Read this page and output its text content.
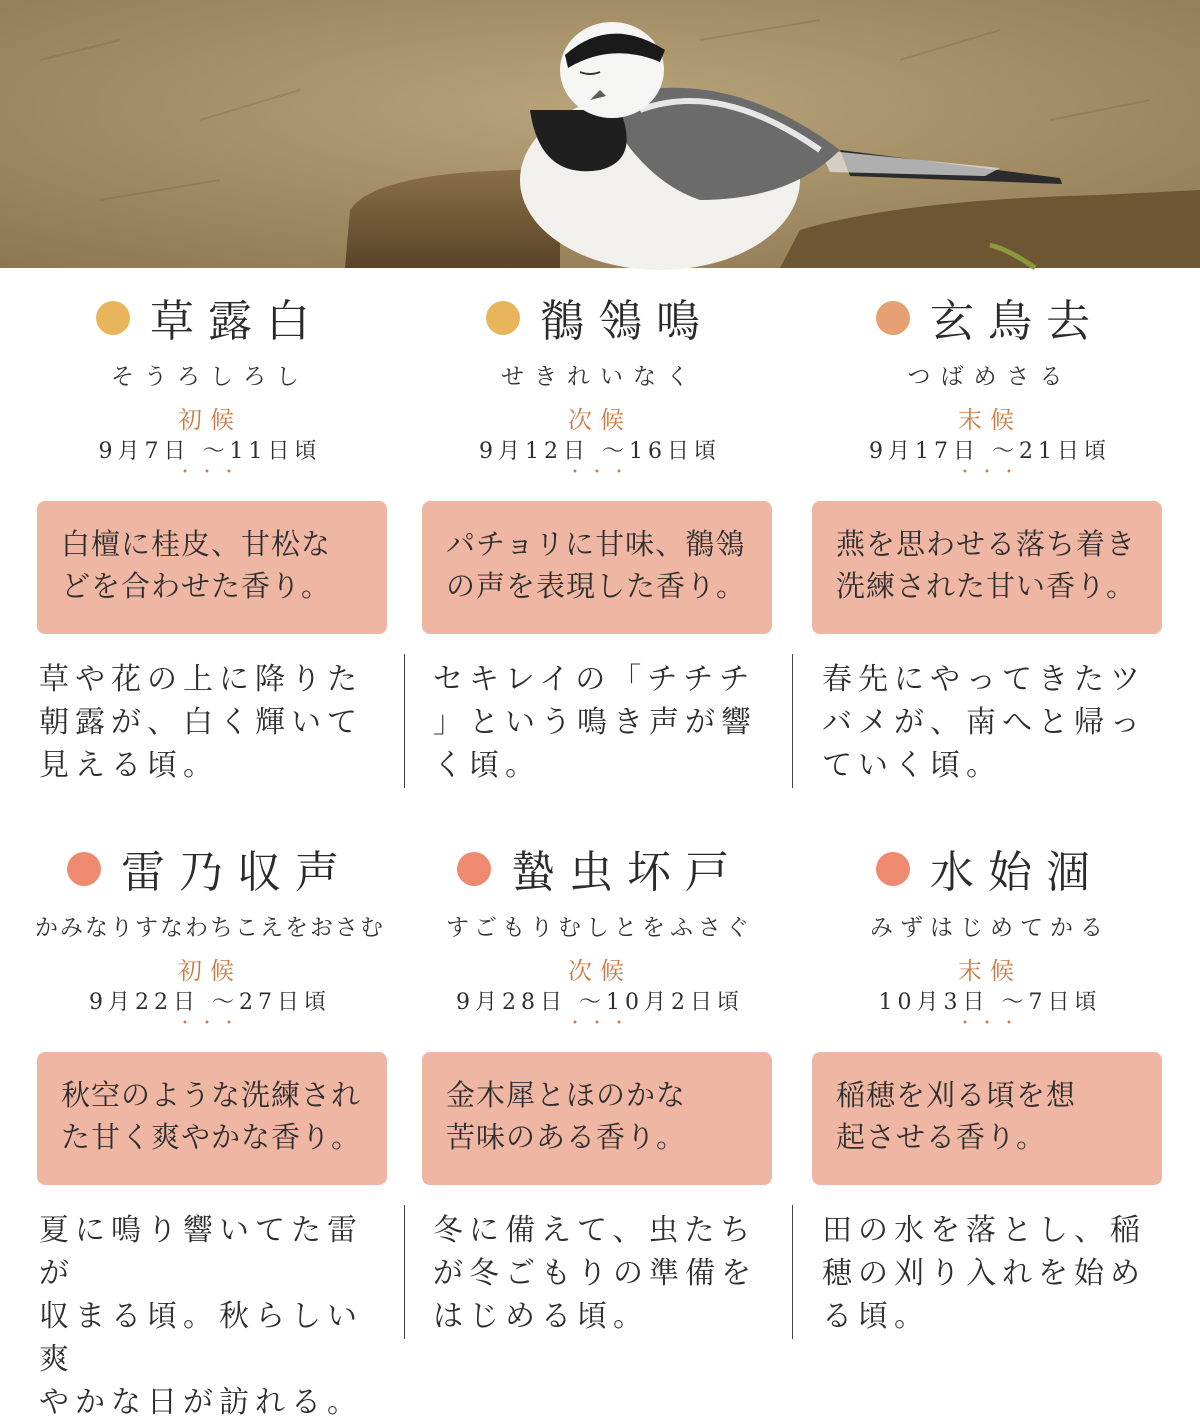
草露白
そうろしろし
初候
9月7日 〜11日頃
・・・
白檀に桂皮、甘松な
どを合わせた香り。
草や花の上に降りた
朝露が、白く輝いて
見える頃。
鶺鴒鳴
せきれいなく
次候
9月12日 〜16日頃
・・・
パチョリに甘味、鶺鴒
の声を表現した香り。
セキレイの「チチチ
」という鳴き声が響
く頃。
玄鳥去
つばめさる
末候
9月17日 〜21日頃
・・・
燕を思わせる落ち着き
洗練された甘い香り。
春先にやってきたツ
バメが、南へと帰っ
ていく頃。
雷乃収声
かみなりすなわちこえをおさむ
初候
9月22日 〜27日頃
・・・
秋空のような洗練され
た甘く爽やかな香り。
夏に鳴り響いてた雷が
収まる頃。秋らしい爽
やかな日が訪れる。
蟄虫坏戸
すごもりむしとをふさぐ
次候
9月28日 〜10月2日頃
・・・
金木犀とほのかな
苦味のある香り。
冬に備えて、虫たち
が冬ごもりの準備を
はじめる頃。
水始涸
みずはじめてかる
末候
10月3日 〜7日頃
・・・
稲穂を刈る頃を想
起させる香り。
田の水を落とし、稲
穂の刈り入れを始め
る頃。
